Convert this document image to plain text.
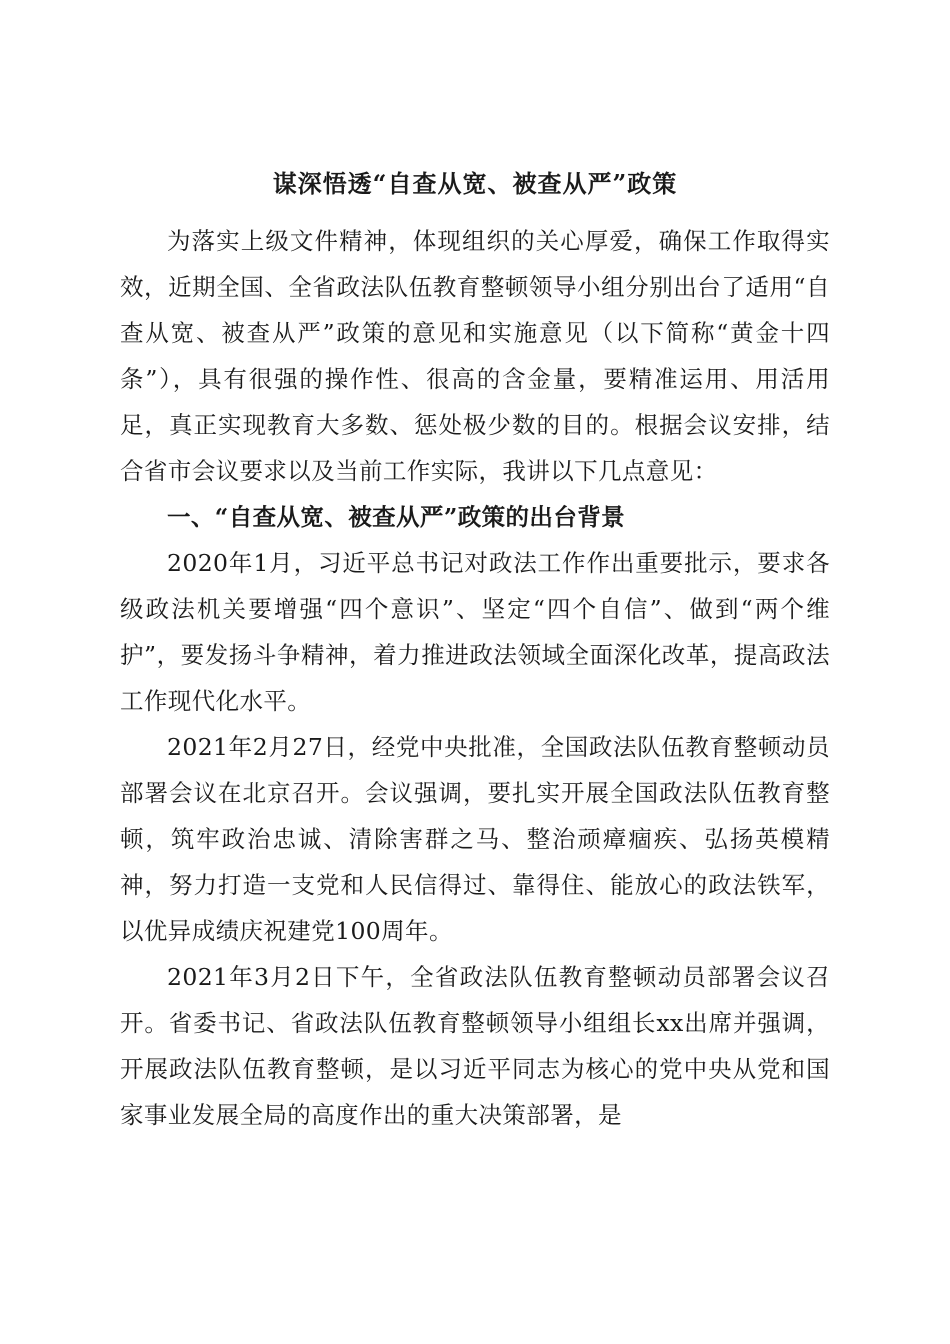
谋深悟透“自查从宽、被查从严”政策

为落实上级文件精神，体现组织的关心厚爱，确保工作取得实效，近期全国、全省政法队伍教育整顿领导小组分别出台了适用“自查从宽、被查从严”政策的意见和实施意见（以下简称“黄金十四条”），具有很强的操作性、很高的含金量，要精准运用、用活用足，真正实现教育大多数、惩处极少数的目的。根据会议安排，结合省市会议要求以及当前工作实际，我讲以下几点意见：

一、“自查从宽、被查从严”政策的出台背景

2020年1月，习近平总书记对政法工作作出重要批示，要求各级政法机关要增强“四个意识”、坚定“四个自信”、做到“两个维护”，要发扬斗争精神，着力推进政法领域全面深化改革，提高政法工作现代化水平。

2021年2月27日，经党中央批准，全国政法队伍教育整顿动员部署会议在北京召开。会议强调，要扎实开展全国政法队伍教育整顿，筑牢政治忠诚、清除害群之马、整治顽瘴痼疾、弘扬英模精神，努力打造一支党和人民信得过、靠得住、能放心的政法铁军，以优异成绩庆祝建党100周年。

2021年3月2日下午，全省政法队伍教育整顿动员部署会议召开。省委书记、省政法队伍教育整顿领导小组组长xx出席并强调，开展政法队伍教育整顿，是以习近平同志为核心的党中央从党和国家事业发展全局的高度作出的重大决策部署，是
